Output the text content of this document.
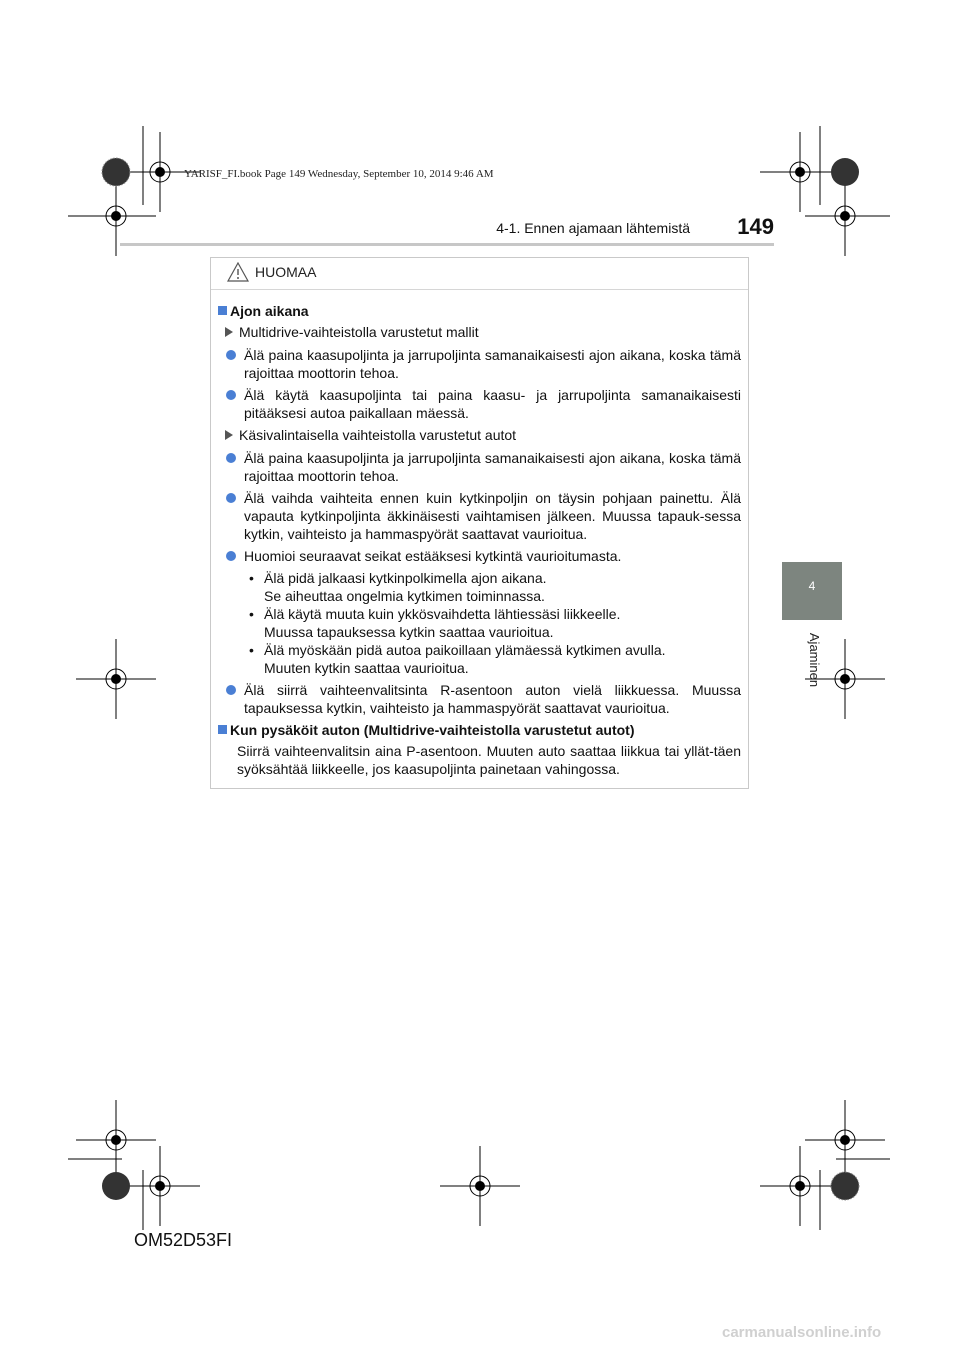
YARISF_FI.book Page 149 Wednesday, September 10, 2014 9:46 AM
4-1. Ennen ajamaan lähtemistä	149
4
Ajaminen
HUOMAA
Ajon aikana
Multidrive-vaihteistolla varustetut mallit
Älä paina kaasupoljinta ja jarrupoljinta samanaikaisesti ajon aikana, koska tämä rajoittaa moottorin tehoa.
Älä käytä kaasupoljinta tai paina kaasu- ja jarrupoljinta samanaikaisesti pitääksesi autoa paikallaan mäessä.
Käsivalintaisella vaihteistolla varustetut autot
Älä paina kaasupoljinta ja jarrupoljinta samanaikaisesti ajon aikana, koska tämä rajoittaa moottorin tehoa.
Älä vaihda vaihteita ennen kuin kytkinpoljin on täysin pohjaan painettu. Älä vapauta kytkinpoljinta äkkinäisesti vaihtamisen jälkeen. Muussa tapauk-sessa kytkin, vaihteisto ja hammaspyörät saattavat vaurioitua.
Huomioi seuraavat seikat estääksesi kytkintä vaurioitumasta.
• Älä pidä jalkaasi kytkinpolkimella ajon aikana.
Se aiheuttaa ongelmia kytkimen toiminnassa.
• Älä käytä muuta kuin ykkösvaihdetta lähtiessäsi liikkeelle.
Muussa tapauksessa kytkin saattaa vaurioitua.
• Älä myöskään pidä autoa paikoillaan ylämäessä kytkimen avulla.
Muuten kytkin saattaa vaurioitua.
Älä siirrä vaihteenvalitsinta R-asentoon auton vielä liikkuessa. Muussa tapauksessa kytkin, vaihteisto ja hammaspyörät saattavat vaurioitua.
Kun pysäköit auton (Multidrive-vaihteistolla varustetut autot)
Siirrä vaihteenvalitsin aina P-asentoon. Muuten auto saattaa liikkua tai yllät-täen syöksähtää liikkeelle, jos kaasupoljinta painetaan vahingossa.
OM52D53FI
carmanualsonline.info
